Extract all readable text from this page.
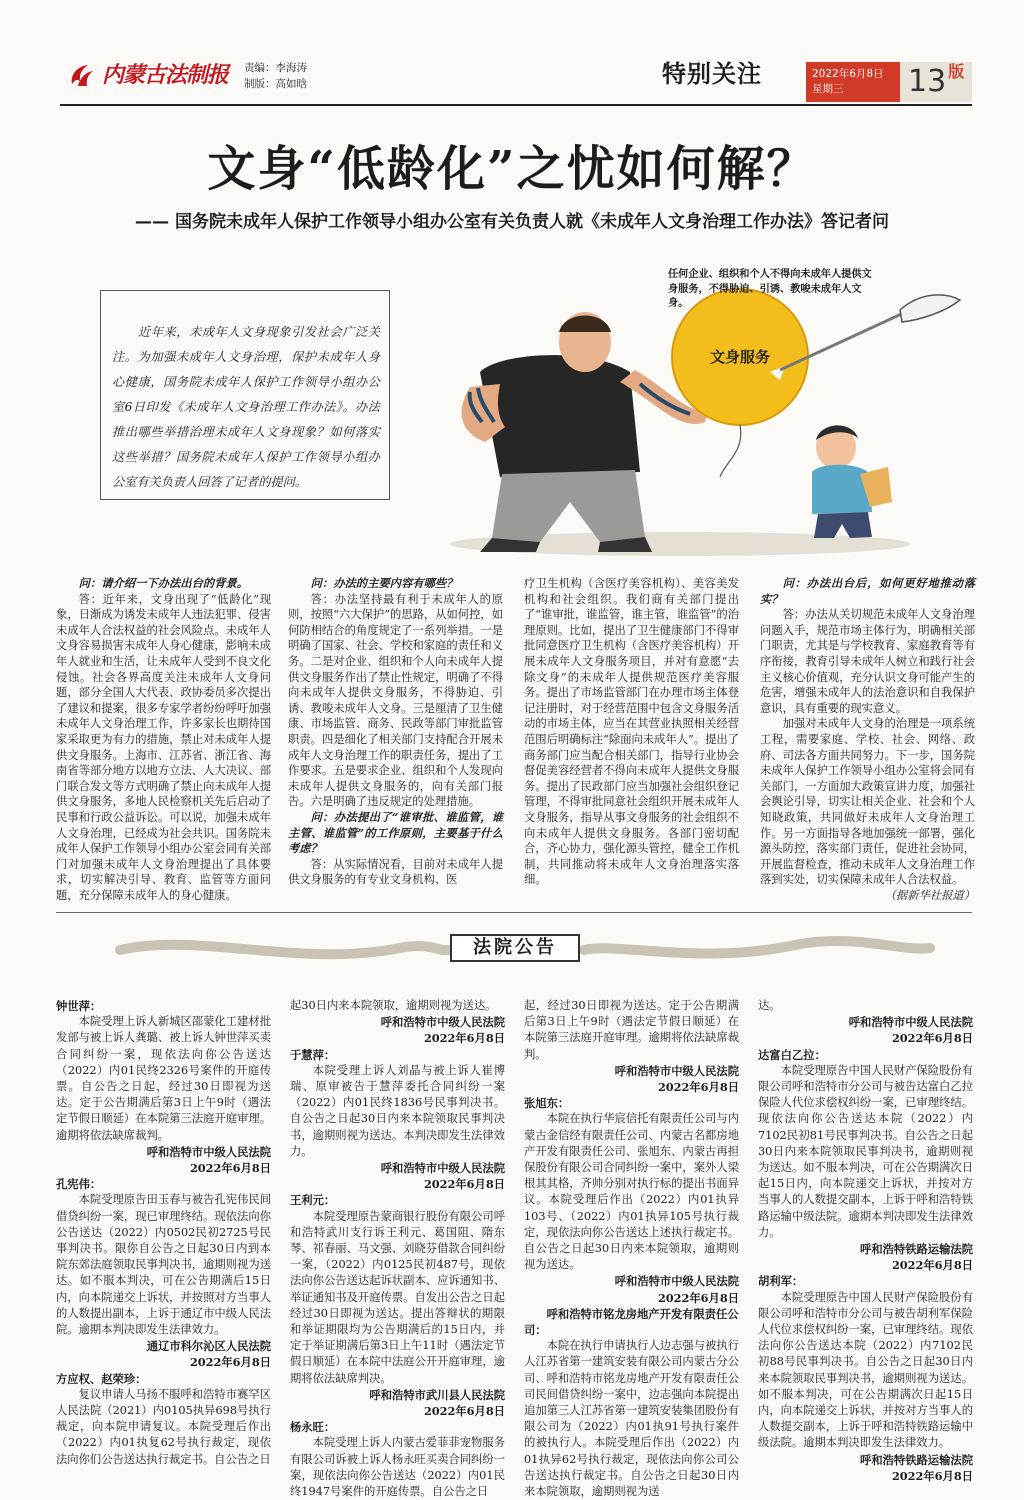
内蒙古法制报 责编：李海涛
制版：高如晗	特别关注	2022年6月8日
星期三	13 版
文身“低龄化”之忧如何解？
—— 国务院未成年人保护工作领导小组办公室有关负责人就《未成年人文身治理工作办法》答记者问
近年来，未成年人文身现象引发社会广泛关注。为加强未成年人文身治理，保护未成年人身心健康，国务院未成年人保护工作领导小组办公室6日印发《未成年人文身治理工作办法》。办法推出哪些举措治理未成年人文身现象？如何落实这些举措？国务院未成年人保护工作领导小组办公室有关负责人回答了记者的提问。
文身服务
任何企业、组织和个人不得向未成年人提供文身服务，不得胁迫、引诱、教唆未成年人文身。

问：请介绍一下办法出台的背景。

答：近年来，文身出现了“低龄化”现象，日渐成为诱发未成年人违法犯罪、侵害未成年人合法权益的社会风险点。未成年人文身容易损害未成年人身心健康，影响未成年人就业和生活，让未成年人受到不良文化侵蚀。社会各界高度关注未成年人文身问题，部分全国人大代表、政协委员多次提出了建议和提案，很多专家学者纷纷呼吁加强未成年人文身治理工作，许多家长也期待国家采取更为有力的措施，禁止对未成年人提供文身服务。上海市、江苏省、浙江省、海南省等部分地方以地方立法、人大决议、部门联合发文等方式明确了禁止向未成年人提供文身服务，多地人民检察机关先后启动了民事和行政公益诉讼。可以说，加强未成年人文身治理，已经成为社会共识。国务院未成年人保护工作领导小组办公室会同有关部门对加强未成年人文身治理提出了具体要求，切实解决引导、教育、监管等方面问题，充分保障未成年人的身心健康。

问：办法的主要内容有哪些？

答：办法坚持最有利于未成年人的原则，按照“六大保护”的思路，从如何控，如何防相结合的角度规定了一系列举措。一是明确了国家、社会、学校和家庭的责任和义务。二是对企业、组织和个人向未成年人提供文身服务作出了禁止性规定，明确了不得向未成年人提供文身服务，不得胁迫、引诱、教唆未成年人文身。三是厘清了卫生健康、市场监管、商务、民政等部门审批监管职责。四是细化了相关部门支持配合开展未成年人文身治理工作的职责任务，提出了工作要求。五是要求企业、组织和个人发现向未成年人提供文身服务的，向有关部门报告。六是明确了违反规定的处理措施。

问：办法提出了“谁审批、谁监管，谁主管、谁监管”的工作原则，主要基于什么考虑？

答：从实际情况看，目前对未成年人提供文身服务的有专业文身机构、医

疗卫生机构（含医疗美容机构）、美容美发机构和社会组织。我们商有关部门提出了“谁审批，谁监管，谁主管，谁监管”的治理原则。比如，提出了卫生健康部门不得审批同意医疗卫生机构（含医疗美容机构）开展未成年人文身服务项目，并对有意愿“去除文身”的未成年人提供规范医疗美容服务。提出了市场监管部门在办理市场主体登记注册时，对于经营范围中包含文身服务活动的市场主体，应当在其营业执照相关经营范围后明确标注“除面向未成年人”。提出了商务部门应当配合相关部门，指导行业协会督促美容经营者不得向未成年人提供文身服务。提出了民政部门应当加强社会组织登记管理，不得审批同意社会组织开展未成年人文身服务，指导从事文身服务的社会组织不向未成年人提供文身服务。各部门密切配合，齐心协力，强化源头管控，健全工作机制，共同推动将未成年人文身治理落实落细。

问：办法出台后，如何更好地推动落实？

答：办法从关切规范未成年人文身治理问题入手，规范市场主体行为，明确相关部门职责，尤其是与学校教育、家庭教育等有序衔接，教育引导未成年人树立和践行社会主义核心价值观，充分认识文身可能产生的危害，增强未成年人的法治意识和自我保护意识，具有重要的现实意义。

加强对未成年人文身的治理是一项系统工程，需要家庭、学校、社会、网络、政府、司法各方面共同努力。下一步，国务院未成年人保护工作领导小组办公室将会同有关部门，一方面加大政策宣讲力度，加强社会舆论引导，切实让相关企业、社会和个人知晓政策，共同做好未成年人文身治理工作。另一方面指导各地加强统一部署，强化源头防控，落实部门责任，促进社会协同，开展监督检查，推动未成年人文身治理工作落到实处，切实保障未成年人合法权益。

（据新华社报道）

法院公告

钟世萍：

本院受理上诉人新城区邵蒙化工建材批发部与被上诉人龚璐、被上诉人钟世萍买卖合同纠纷一案，现依法向你公告送达（2022）内01民终2326号案件的开庭传票。自公告之日起，经过30日即视为送达。定于公告期满后第3日上午9时（遇法定节假日顺延）在本院第三法庭开庭审理。逾期将依法缺席裁判。

呼和浩特市中级人民法院

2022年6月8日

孔宪伟：

本院受理原告田玉春与被告孔宪伟民间借贷纠纷一案，现已审理终结。现依法向你公告送达（2022）内0502民初2725号民事判决书。限你自公告之日起30日内到本院东郊法庭领取民事判决书，逾期则视为送达。如不服本判决，可在公告期满后15日内，向本院递交上诉状，并按照对方当事人的人数提出副本，上诉于通辽市中级人民法院。逾期本判决即发生法律效力。

通辽市科尔沁区人民法院

2022年6月8日

方应权、赵荣珍：

复议申请人马扬不服呼和浩特市赛罕区人民法院（2021）内0105执异698号执行裁定，向本院申请复议。本院受理后作出（2022）内01执复62号执行裁定，现依法向你们公告送达执行裁定书。自公告之日

起30日内来本院领取，逾期则视为送达。

呼和浩特市中级人民法院

2022年6月8日

于慧萍：

本院受理上诉人刘晶与被上诉人崔博瑞、原审被告于慧萍委托合同纠纷一案（2022）内01民终1836号民事判决书。自公告之日起30日内来本院领取民事判决书，逾期则视为送达。本判决即发生法律效力。

呼和浩特市中级人民法院

2022年6月8日

王利元：

本院受理原告蒙商银行股份有限公司呼和浩特武川支行诉王利元、葛国阻、隋东琴、祁春丽、马文强、刘晓芬借款合同纠纷一案，（2022）内0125民初487号，现依法向你公告送达起诉状副本、应诉通知书、举证通知书及开庭传票。自发出公告之日起经过30日即视为送达。提出答辩状的期限和举证期限均为公告期满后的15日内，并定于举证期满后第3日上午11时（遇法定节假日顺延）在本院中法庭公开开庭审理，逾期将依法缺席判决。

呼和浩特市武川县人民法院

2022年6月8日

杨永旺：

本院受理上诉人内蒙古爱菲菲宠物服务有限公司诉被上诉人杨永旺买卖合同纠纷一案，现依法向你公告送达（2022）内01民终1947号案件的开庭传票。自公告之日

起，经过30日即视为送达。定于公告期满后第3日上午9时（遇法定节假日顺延）在本院第三法庭开庭审理。逾期将依法缺席裁判。

呼和浩特市中级人民法院

2022年6月8日

张旭东：

本院在执行华宸信托有限责任公司与内蒙古金信经有限责任公司、内蒙古名都房地产开发有限责任公司、张旭东、内蒙古再担保股份有限公司合同纠纷一案中，案外人梁根其其格，齐帅分别对执行标的提出书面异议。本院受理后作出（2022）内01执异103号、（2022）内01执异105号执行裁定，现依法向你公告送达上述执行裁定书。自公告之日起30日内来本院领取，逾期则视为送达。

呼和浩特市中级人民法院

2022年6月8日

呼和浩特市铭龙房地产开发有限责任公司：

本院在执行申请执行人边志强与被执行人江苏省第一建筑安装有限公司内蒙古分公司、呼和浩特市铭龙房地产开发有限责任公司民间借贷纠纷一案中，边志强向本院提出追加第三人江苏省第一建筑安装集团股份有限公司为（2022）内01执91号执行案件的被执行人。本院受理后作出（2022）内01执异62号执行裁定，现依法向你公司公告送达执行裁定书。自公告之日起30日内来本院领取，逾期则视为送

达。

呼和浩特市中级人民法院

2022年6月8日

达富白乙拉：

本院受理原告中国人民财产保险股份有限公司呼和浩特市分公司与被告达富白乙拉保险人代位求偿权纠纷一案，已审理终结。现依法向你公告送达本院（2022）内7102民初81号民事判决书。自公告之日起30日内来本院领取民事判决书，逾期则视为送达。如不服本判决，可在公告期满次日起15日内，向本院递交上诉状，并按对方当事人的人数提交副本，上诉于呼和浩特铁路运输中级法院。逾期本判决即发生法律效力。

呼和浩特铁路运输法院

2022年6月8日

胡利军：

本院受理原告中国人民财产保险股份有限公司呼和浩特市分公司与被告胡利军保险人代位求偿权纠纷一案，已审理终结。现依法向你公告送达本院（2022）内7102民初88号民事判决书。自公告之日起30日内来本院领取民事判决书，逾期则视为送达。如不服本判决，可在公告期满次日起15日内，向本院递交上诉状，并按对方当事人的人数提交副本，上诉于呼和浩特铁路运输中级法院。逾期本判决即发生法律效力。

呼和浩特铁路运输法院

2022年6月8日
